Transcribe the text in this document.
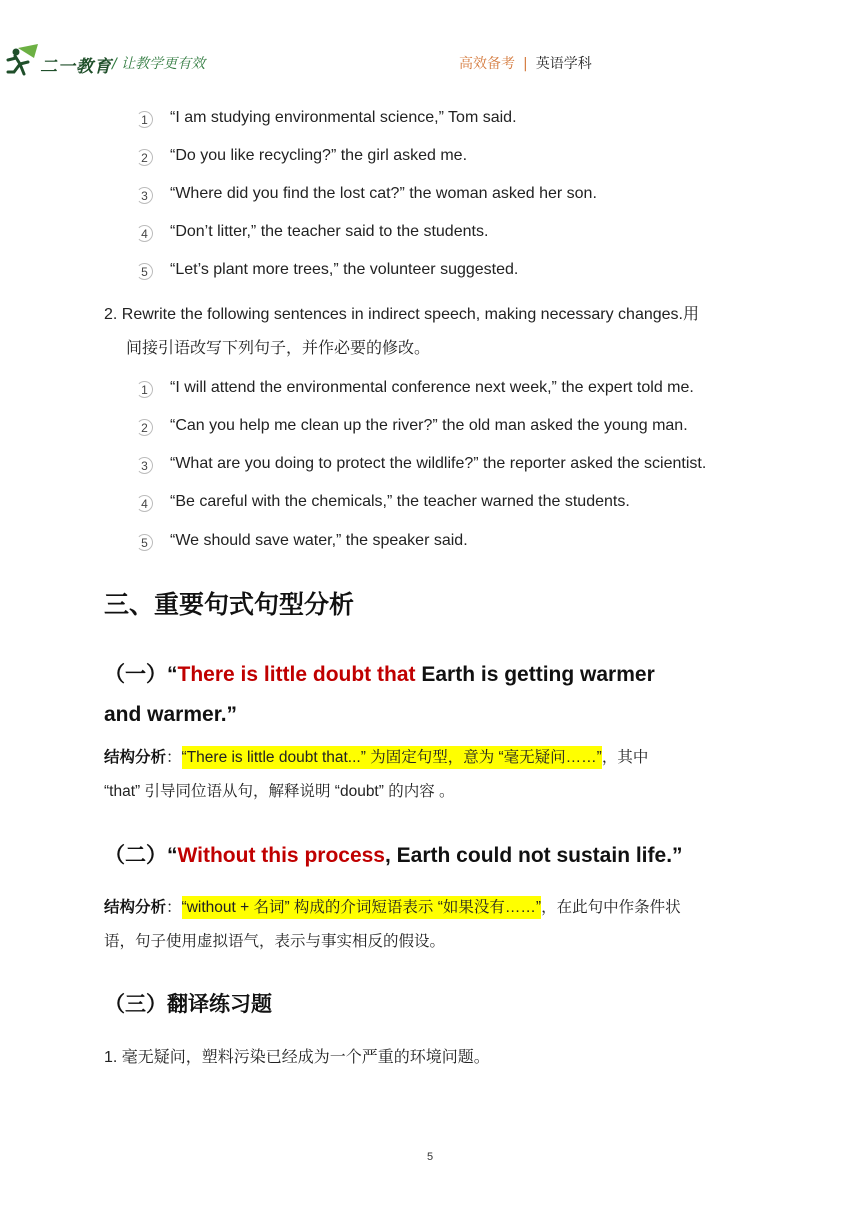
二一教育 / 让教学更有效	高效备考 | 英语学科
1	“I am studying environmental science,” Tom said.
2	“Do you like recycling?” the girl asked me.
3	“Where did you find the lost cat?” the woman asked her son.
4	“Don’t litter,” the teacher said to the students.
5	“Let’s plant more trees,” the volunteer suggested.
2. Rewrite the following sentences in indirect speech, making necessary changes.用
间接引语改写下列句子，并作必要的修改。
1	“I will attend the environmental conference next week,” the expert told me.
2	“Can you help me clean up the river?” the old man asked the young man.
3	“What are you doing to protect the wildlife?” the reporter asked the scientist.
4	“Be careful with the chemicals,” the teacher warned the students.
5	“We should save water,” the speaker said.
三、重要句式句型分析
（一）“There is little doubt that Earth is getting warmer
and warmer.”
结构分析：“There is little doubt that...” 为固定句型，意为 “毫无疑问……”，其中
“that” 引导同位语从句，解释说明 “doubt” 的内容 。
（二）“Without this process, Earth could not sustain life.”
结构分析：“without + 名词” 构成的介词短语表示 “如果没有……”，在此句中作条件状
语，句子使用虚拟语气，表示与事实相反的假设。
（三）翻译练习题
1. 毫无疑问，塑料污染已经成为一个严重的环境问题。
5
